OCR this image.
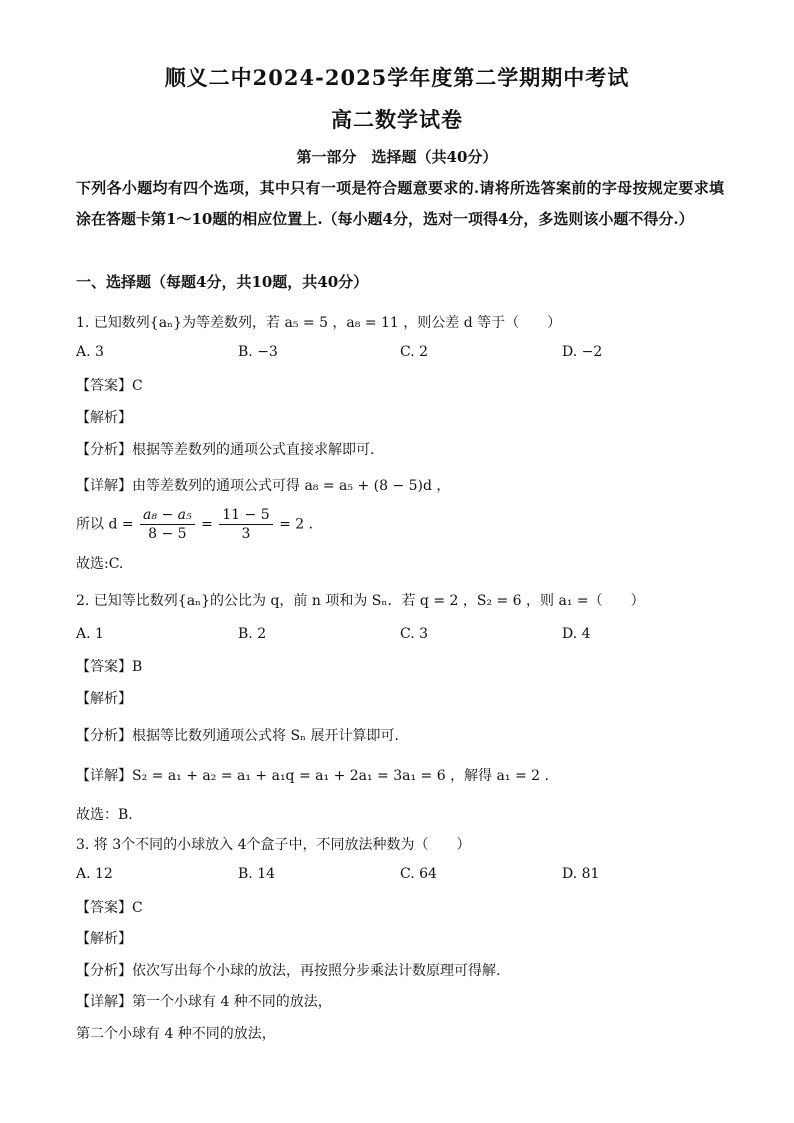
顺义二中2024-2025学年度第二学期期中考试
高二数学试卷
第一部分　选择题（共40分）
下列各小题均有四个选项，其中只有一项是符合题意要求的.请将所选答案前的字母按规定要求填涂在答题卡第1～10题的相应位置上.（每小题4分，选对一项得4分，多选则该小题不得分.）
一、选择题（每题4分，共10题，共40分）
1. 已知数列{aₙ}为等差数列，若 a₅ = 5 ，a₈ = 11 ，则公差 d 等于（　　）
A. 3	B. −3	C. 2	D. −2
【答案】C
【解析】
【分析】根据等差数列的通项公式直接求解即可.
【详解】由等差数列的通项公式可得 a₈ = a₅ + (8 − 5)d ，
所以 $d = \frac{\text{a₈ − a₅}}{8 - 5} = \frac{11 - 5}{3} = 2$ .
故选:C.
2. 已知等比数列{aₙ}的公比为 q，前 n 项和为 Sₙ．若 q = 2 ，S₂ = 6 ，则 a₁ =（　　）
A. 1	B. 2	C. 3	D. 4
【答案】B
【解析】
【分析】根据等比数列通项公式将 Sₙ 展开计算即可.
【详解】S₂ = a₁ + a₂ = a₁ + a₁q = a₁ + 2a₁ = 3a₁ = 6 ，解得 a₁ = 2 .
故选：B.
3. 将 3个不同的小球放入 4个盒子中，不同放法种数为（　　）
A. 12	B. 14	C. 64	D. 81
【答案】C
【解析】
【分析】依次写出每个小球的放法，再按照分步乘法计数原理可得解.
【详解】第一个小球有 4 种不同的放法，
第二个小球有 4 种不同的放法，
